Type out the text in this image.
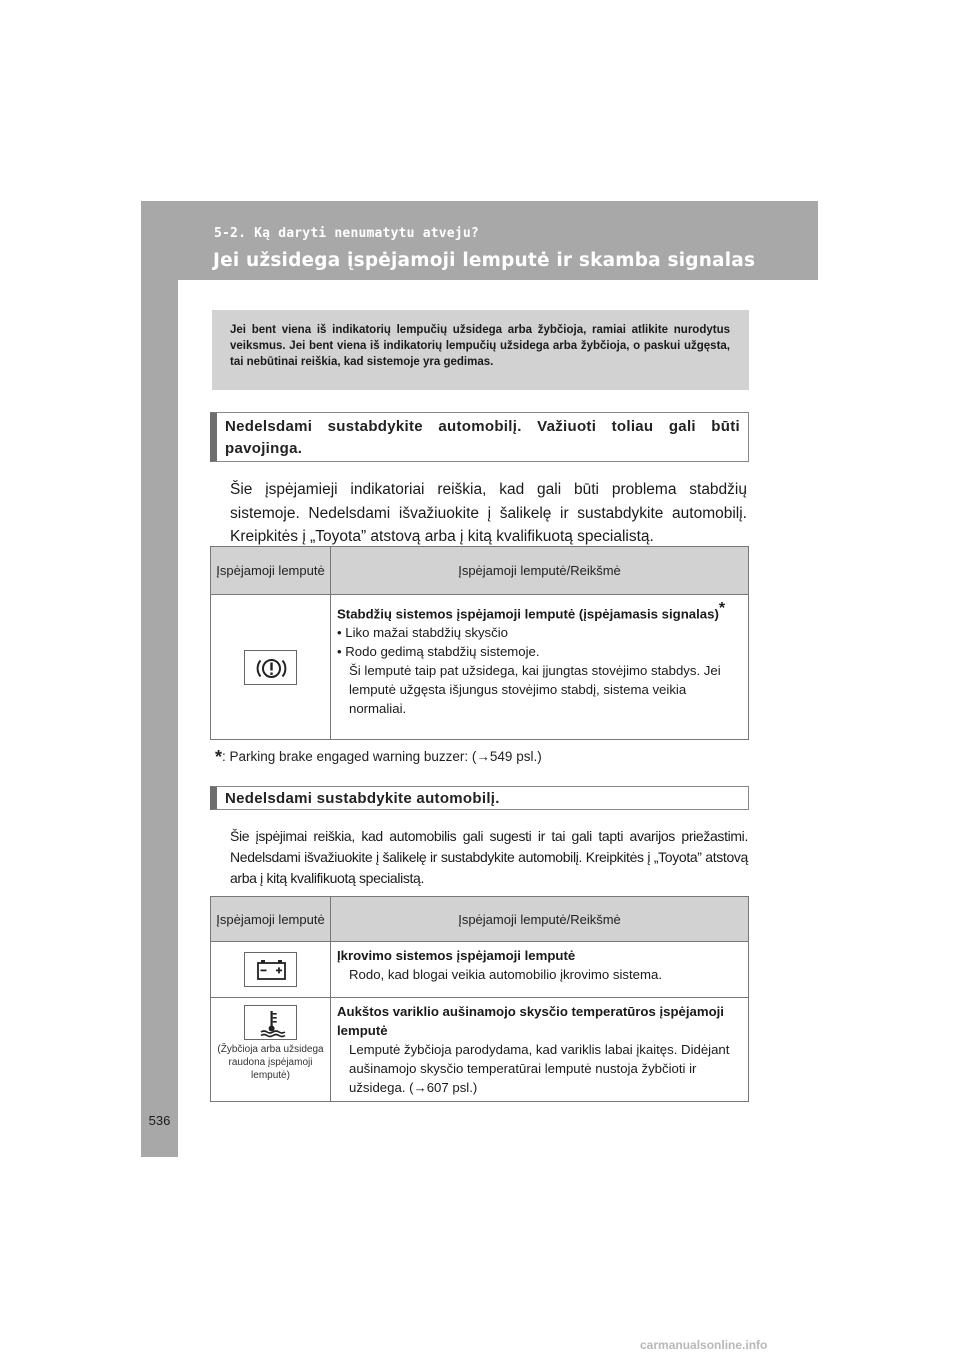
5-2. Ką daryti nenumatytu atveju?
Jei užsidega įspėjamoji lemputė ir skamba signalas
536
Jei bent viena iš indikatorių lempučių užsidega arba žybčioja, ramiai atlikite nurodytus veiksmus. Jei bent viena iš indikatorių lempučių užsidega arba žybčioja, o paskui užgęsta, tai nebūtinai reiškia, kad sistemoje yra gedimas.
Nedelsdami sustabdykite automobilį. Važiuoti toliau gali būti pavojinga.
Šie įspėjamieji indikatoriai reiškia, kad gali būti problema stabdžių sistemoje. Nedelsdami išvažiuokite į šalikelę ir sustabdykite automobilį. Kreipkitės į „Toyota” atstovą arba į kitą kvalifikuotą specialistą.
Įspėjamoji lemputė	Įspėjamoji lemputė/Reikšmė

Stabdžių sistemos įspėjamoji lemputė (įspėjamasis signalas)*
• Liko mažai stabdžių skysčio
• Rodo gedimą stabdžių sistemoje.
Ši lemputė taip pat užsidega, kai įjungtas stovėjimo stabdys. Jei lemputė užgęsta išjungus stovėjimo stabdį, sistema veikia normaliai.
*: Parking brake engaged warning buzzer: (→549 psl.)
Nedelsdami sustabdykite automobilį.
Šie įspėjimai reiškia, kad automobilis gali sugesti ir tai gali tapti avarijos priežastimi. Nedelsdami išvažiuokite į šalikelę ir sustabdykite automobilį. Kreipkitės į „Toyota” atstovą arba į kitą kvalifikuotą specialistą.
Įspėjamoji lemputė	Įspėjamoji lemputė/Reikšmė

Įkrovimo sistemos įspėjamoji lemputė
Rodo, kad blogai veikia automobilio įkrovimo sistema.

(Žybčioja arba užsidega raudona įspėjamoji lemputė)	Aukštos variklio aušinamojo skysčio temperatūros įspėjamoji lemputė
Lemputė žybčioja parodydama, kad variklis labai įkaitęs. Didėjant aušinamojo skysčio temperatūrai lemputė nustoja žybčioti ir užsidega. (→607 psl.)
carmanualsonline.info
